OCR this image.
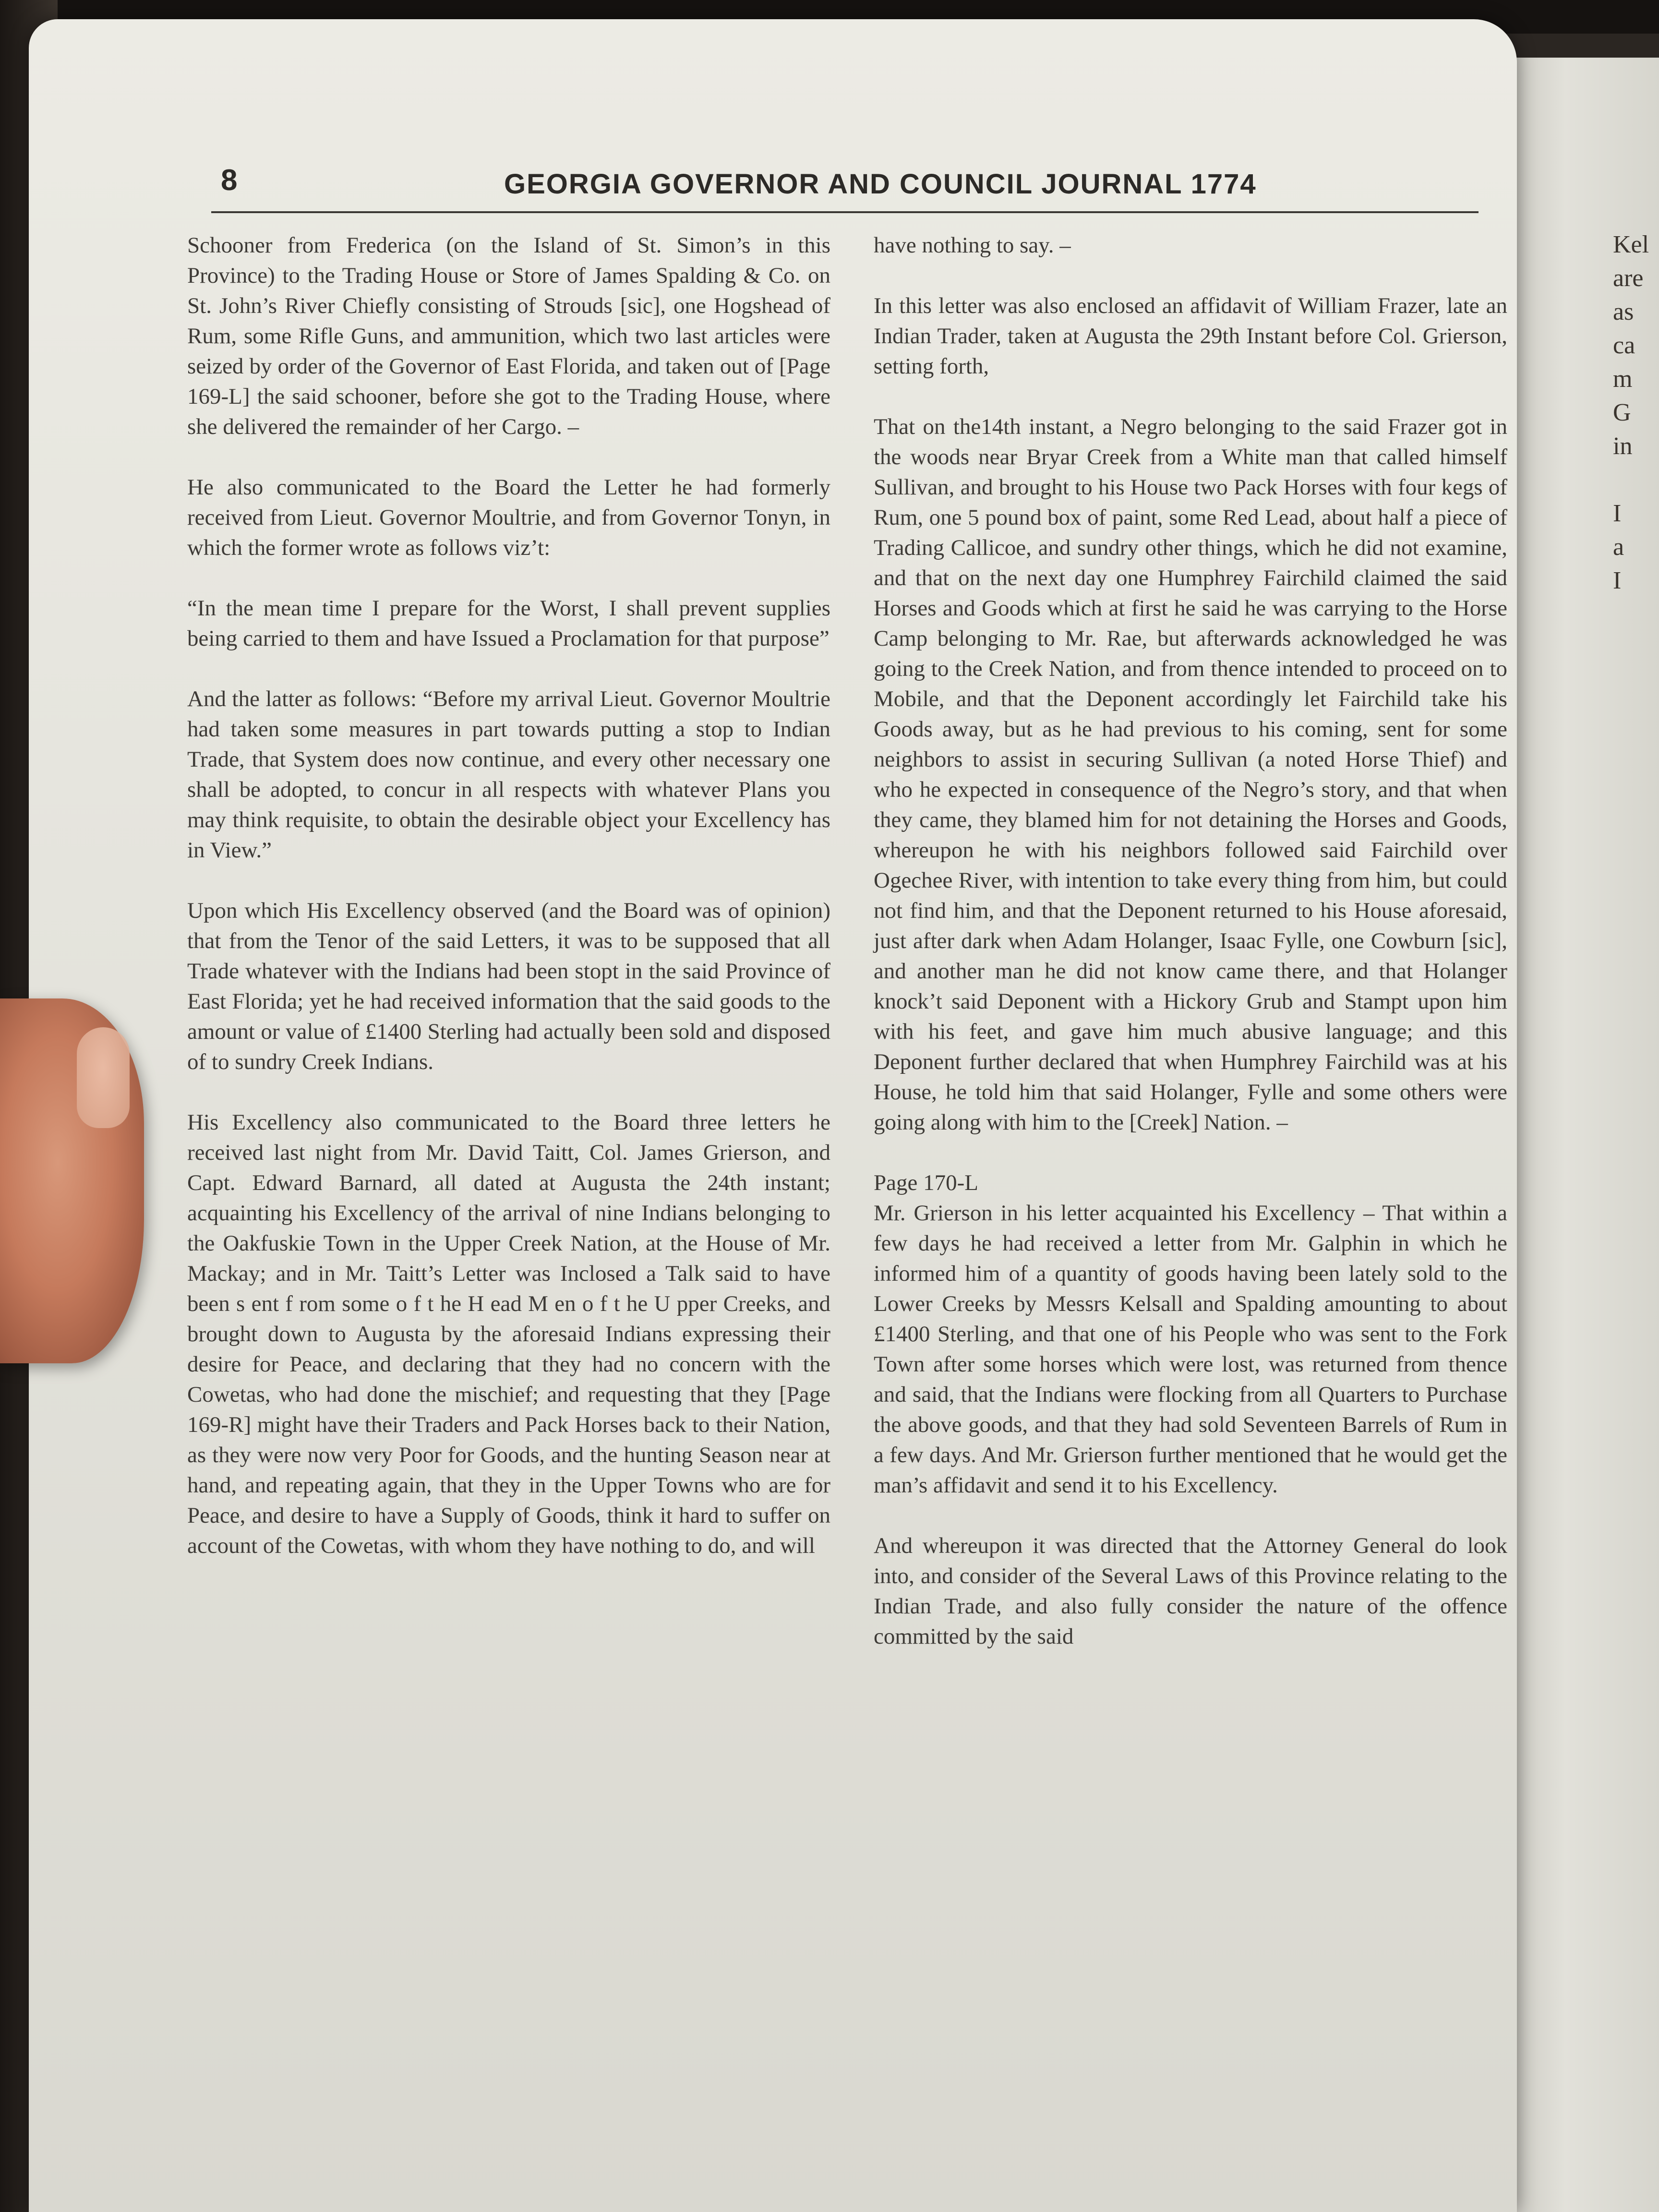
Kel
are
as
ca
m
G
in
I
a
I
8	GEORGIA GOVERNOR AND COUNCIL JOURNAL 1774

Schooner from Frederica (on the Island of St. Simon’s in this Province) to the Trading House or Store of James Spalding & Co. on St. John’s River Chiefly consisting of Strouds [sic], one Hogshead of Rum, some Rifle Guns, and ammunition, which two last articles were seized by order of the Governor of East Florida, and taken out of [Page 169-L] the said schooner, before she got to the Trading House, where she delivered the remainder of her Cargo. –

He also communicated to the Board the Letter he had formerly received from Lieut. Governor Moultrie, and from Governor Tonyn, in which the former wrote as follows viz’t:

“In the mean time I prepare for the Worst, I shall prevent supplies being carried to them and have Issued a Proclamation for that purpose”

And the latter as follows: “Before my arrival Lieut. Governor Moultrie had taken some measures in part towards putting a stop to Indian Trade, that System does now continue, and every other necessary one shall be adopted, to concur in all respects with whatever Plans you may think requisite, to obtain the desirable object your Excellency has in View.”

Upon which His Excellency observed (and the Board was of opinion) that from the Tenor of the said Letters, it was to be supposed that all Trade whatever with the Indians had been stopt in the said Province of East Florida; yet he had received information that the said goods to the amount or value of £1400 Sterling had actually been sold and disposed of to sundry Creek Indians.

His Excellency also communicated to the Board three letters he received last night from Mr. David Taitt, Col. James Grierson, and Capt. Edward Barnard, all dated at Augusta the 24th instant; acquainting his Excellency of the arrival of nine Indians belonging to the Oakfuskie Town in the Upper Creek Nation, at the House of Mr. Mackay; and in Mr. Taitt’s Letter was Inclosed a Talk said to have been s ent f rom some o f t he H ead M en o f t he U pper Creeks, and brought down to Augusta by the aforesaid Indians expressing their desire for Peace, and declaring that they had no concern with the Cowetas, who had done the mischief; and requesting that they [Page 169-R] might have their Traders and Pack Horses back to their Nation, as they were now very Poor for Goods, and the hunting Season near at hand, and repeating again, that they in the Upper Towns who are for Peace, and desire to have a Supply of Goods, think it hard to suffer on account of the Cowetas, with whom they have nothing to do, and will

have nothing to say. –

In this letter was also enclosed an affidavit of William Frazer, late an Indian Trader, taken at Augusta the 29th Instant before Col. Grierson, setting forth,

That on the14th instant, a Negro belonging to the said Frazer got in the woods near Bryar Creek from a White man that called himself Sullivan, and brought to his House two Pack Horses with four kegs of Rum, one 5 pound box of paint, some Red Lead, about half a piece of Trading Callicoe, and sundry other things, which he did not examine, and that on the next day one Humphrey Fairchild claimed the said Horses and Goods which at first he said he was carrying to the Horse Camp belonging to Mr. Rae, but afterwards acknowledged he was going to the Creek Nation, and from thence intended to proceed on to Mobile, and that the Deponent accordingly let Fairchild take his Goods away, but as he had previous to his coming, sent for some neighbors to assist in securing Sullivan (a noted Horse Thief) and who he expected in consequence of the Negro’s story, and that when they came, they blamed him for not detaining the Horses and Goods, whereupon he with his neighbors followed said Fairchild over Ogechee River, with intention to take every thing from him, but could not find him, and that the Deponent returned to his House aforesaid, just after dark when Adam Holanger, Isaac Fylle, one Cowburn [sic], and another man he did not know came there, and that Holanger knock’t said Deponent with a Hickory Grub and Stampt upon him with his feet, and gave him much abusive language; and this Deponent further declared that when Humphrey Fairchild was at his House, he told him that said Holanger, Fylle and some others were going along with him to the [Creek] Nation. –

Page 170-L

Mr. Grierson in his letter acquainted his Excellency – That within a few days he had received a letter from Mr. Galphin in which he informed him of a quantity of goods having been lately sold to the Lower Creeks by Messrs Kelsall and Spalding amounting to about £1400 Sterling, and that one of his People who was sent to the Fork Town after some horses which were lost, was returned from thence and said, that the Indians were flocking from all Quarters to Purchase the above goods, and that they had sold Seventeen Barrels of Rum in a few days. And Mr. Grierson further mentioned that he would get the man’s affidavit and send it to his Excellency.

And whereupon it was directed that the Attorney General do look into, and consider of the Several Laws of this Province relating to the Indian Trade, and also fully consider the nature of the offence committed by the said
